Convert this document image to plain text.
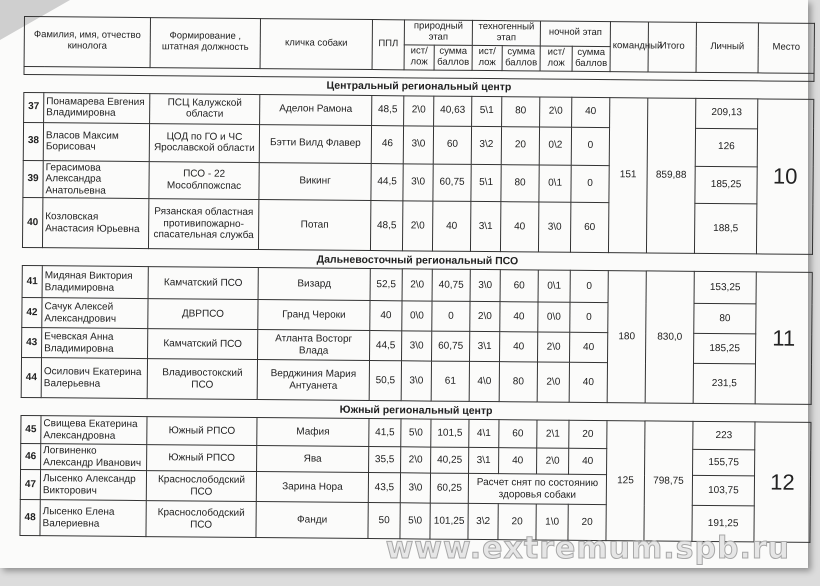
Фамилия, имя, отчество кинолога		Формирование , штатная должность	кличка собаки	ППЛ	природный этап		техногенный этап		ночной этап		командный	Итого	Личный	Место
					ист/лож	сумма баллов	ист/лож	сумма баллов	ист/лож	сумма баллов				

Центральный региональный центр														
37	Понамарева Евгения Владимировна	ПСЦ Калужской области	Аделон Рамона	48,5	2\0	40,63	5\1	80	2\0	40	151	859,88	209,13	10
38	Власов Максим Борисовач	ЦОД по ГО и ЧС Ярославской области	Бэтти Вилд Флавер	46	3\0	60	3\2	20	0\2	0			126	
39	Герасимова Александра Анатольевна	ПСО - 22 Мособлпожспас	Викинг	44,5	3\0	60,75	5\1	80	0\1	0			185,25	
40	Козловская Анастасия Юрьевна	Рязанская областная противипожарно-спасательная служба	Потап	48,5	2\0	40	3\1	40	3\0	60			188,5	
Дальневосточный региональный ПСО														
41	Мидяная Виктория Владимировна	Камчатский ПСО	Визард	52,5	2\0	40,75	3\0	60	0\1	0	180	830,0	153,25	11
42	Сачук Алексей Александрович	ДВРПСО	Гранд Чероки	40	0\0	0	2\0	40	0\0	0			80	
43	Ечевская Анна Владимировна	Камчатский ПСО	Атланта Восторг Влада	44,5	3\0	60,75	3\1	40	2\0	40			185,25	
44	Осилович Екатерина Валерьевна	Владивостокский ПСО	Верджиния Мария Антуанета	50,5	3\0	61	4\0	80	2\0	40			231,5	
Южный региональный центр														
45	Свищева Екатерина Александровна	Южный РПСО	Мафия	41,5	5\0	101,5	4\1	60	2\1	20	125	798,75	223	12
46	Логвиненко Александр Иванович	Южный РПСО	Ява	35,5	2\0	40,25	3\1	40	2\0	40			155,75	
47	Лысенко Александр Викторович	Краснослободский ПСО	Зарина Нора	43,5	3\0	60,25	Расчет снят по состоянию здоровья собаки						103,75	
48	Лысенко Елена Валериевна	Краснослободский ПСО	Фанди	50	5\0	101,25	3\2	20	1\0	20			191,25	
www.extremum.spb.ru
